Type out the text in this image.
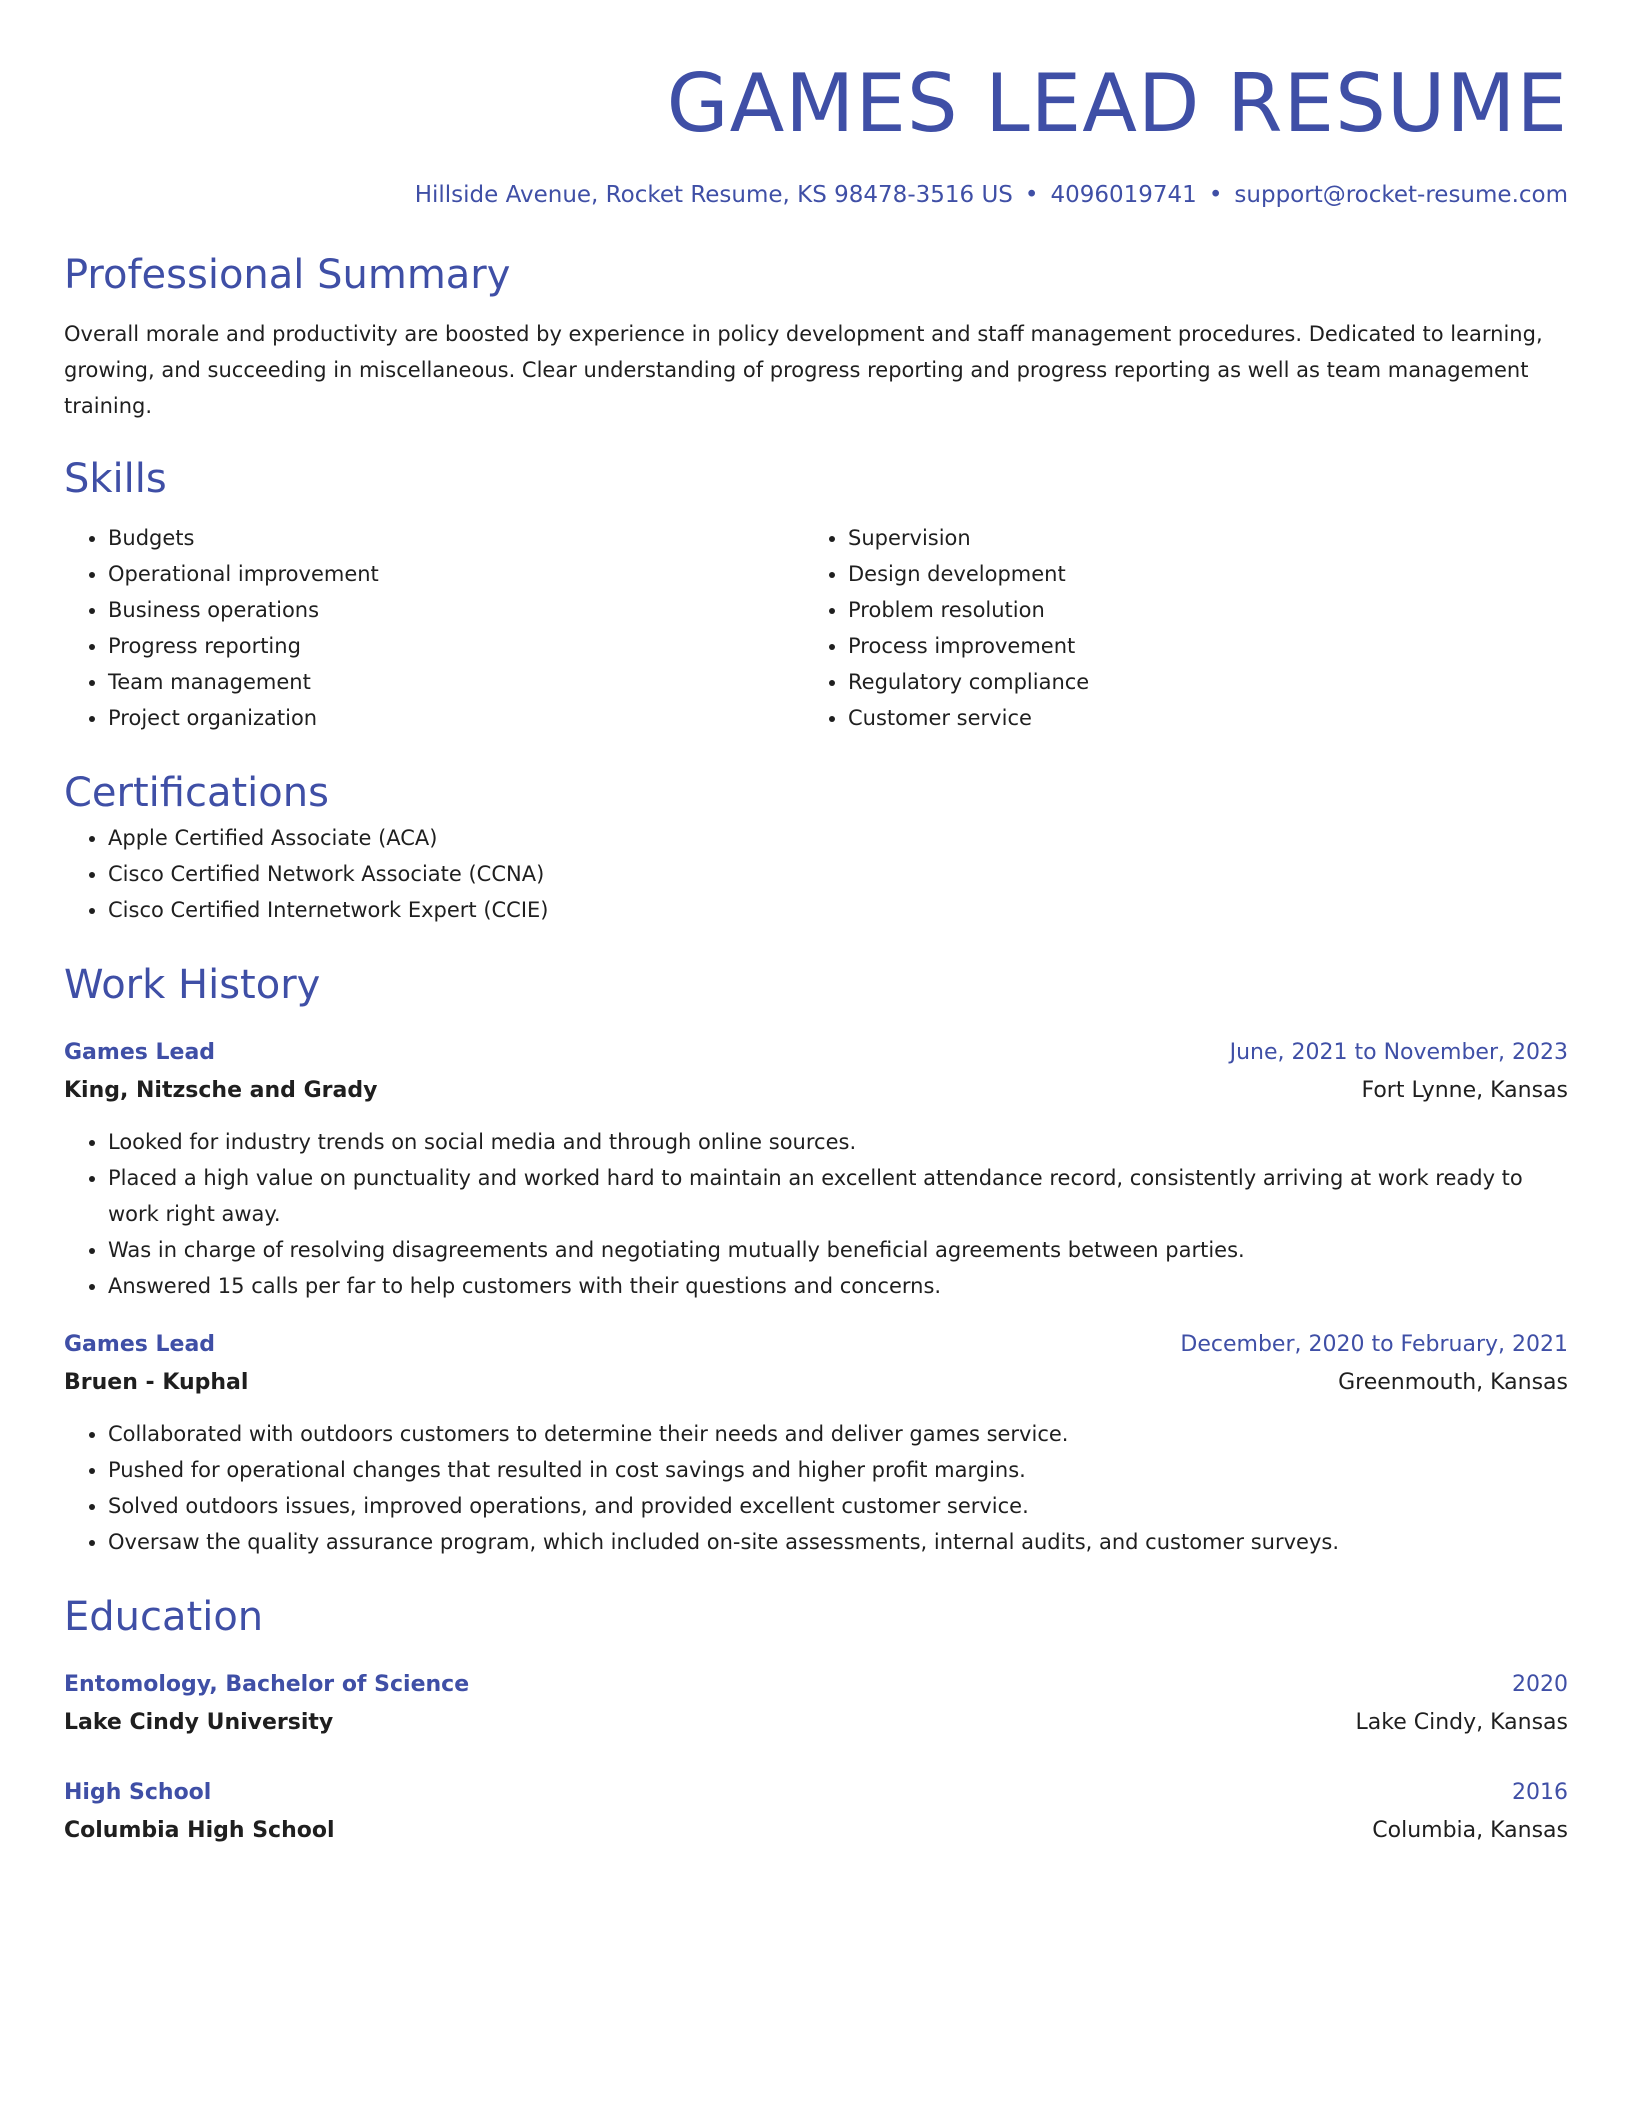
GAMES LEAD RESUME
Hillside Avenue, Rocket Resume, KS 98478-3516 US • 4096019741 • support@rocket-resume.com
Professional Summary

Overall morale and productivity are boosted by experience in policy development and staff management procedures. Dedicated to learning, growing, and succeeding in miscellaneous. Clear understanding of progress reporting and progress reporting as well as team management training.

Skills
• Budgets
• Operational improvement
• Business operations
• Progress reporting
• Team management
• Project organization
• Supervision
• Design development
• Problem resolution
• Process improvement
• Regulatory compliance
• Customer service
Certifications
• Apple Certified Associate (ACA)
• Cisco Certified Network Associate (CCNA)
• Cisco Certified Internetwork Expert (CCIE)
Work History
Games Lead	June, 2021 to November, 2023
King, Nitzsche and Grady	Fort Lynne, Kansas
• Looked for industry trends on social media and through online sources.
• Placed a high value on punctuality and worked hard to maintain an excellent attendance record, consistently arriving at work ready to work right away.
• Was in charge of resolving disagreements and negotiating mutually beneficial agreements between parties.
• Answered 15 calls per far to help customers with their questions and concerns.
Games Lead	December, 2020 to February, 2021
Bruen - Kuphal	Greenmouth, Kansas
• Collaborated with outdoors customers to determine their needs and deliver games service.
• Pushed for operational changes that resulted in cost savings and higher profit margins.
• Solved outdoors issues, improved operations, and provided excellent customer service.
• Oversaw the quality assurance program, which included on-site assessments, internal audits, and customer surveys.
Education
Entomology, Bachelor of Science	2020
Lake Cindy University	Lake Cindy, Kansas
High School	2016
Columbia High School	Columbia, Kansas
